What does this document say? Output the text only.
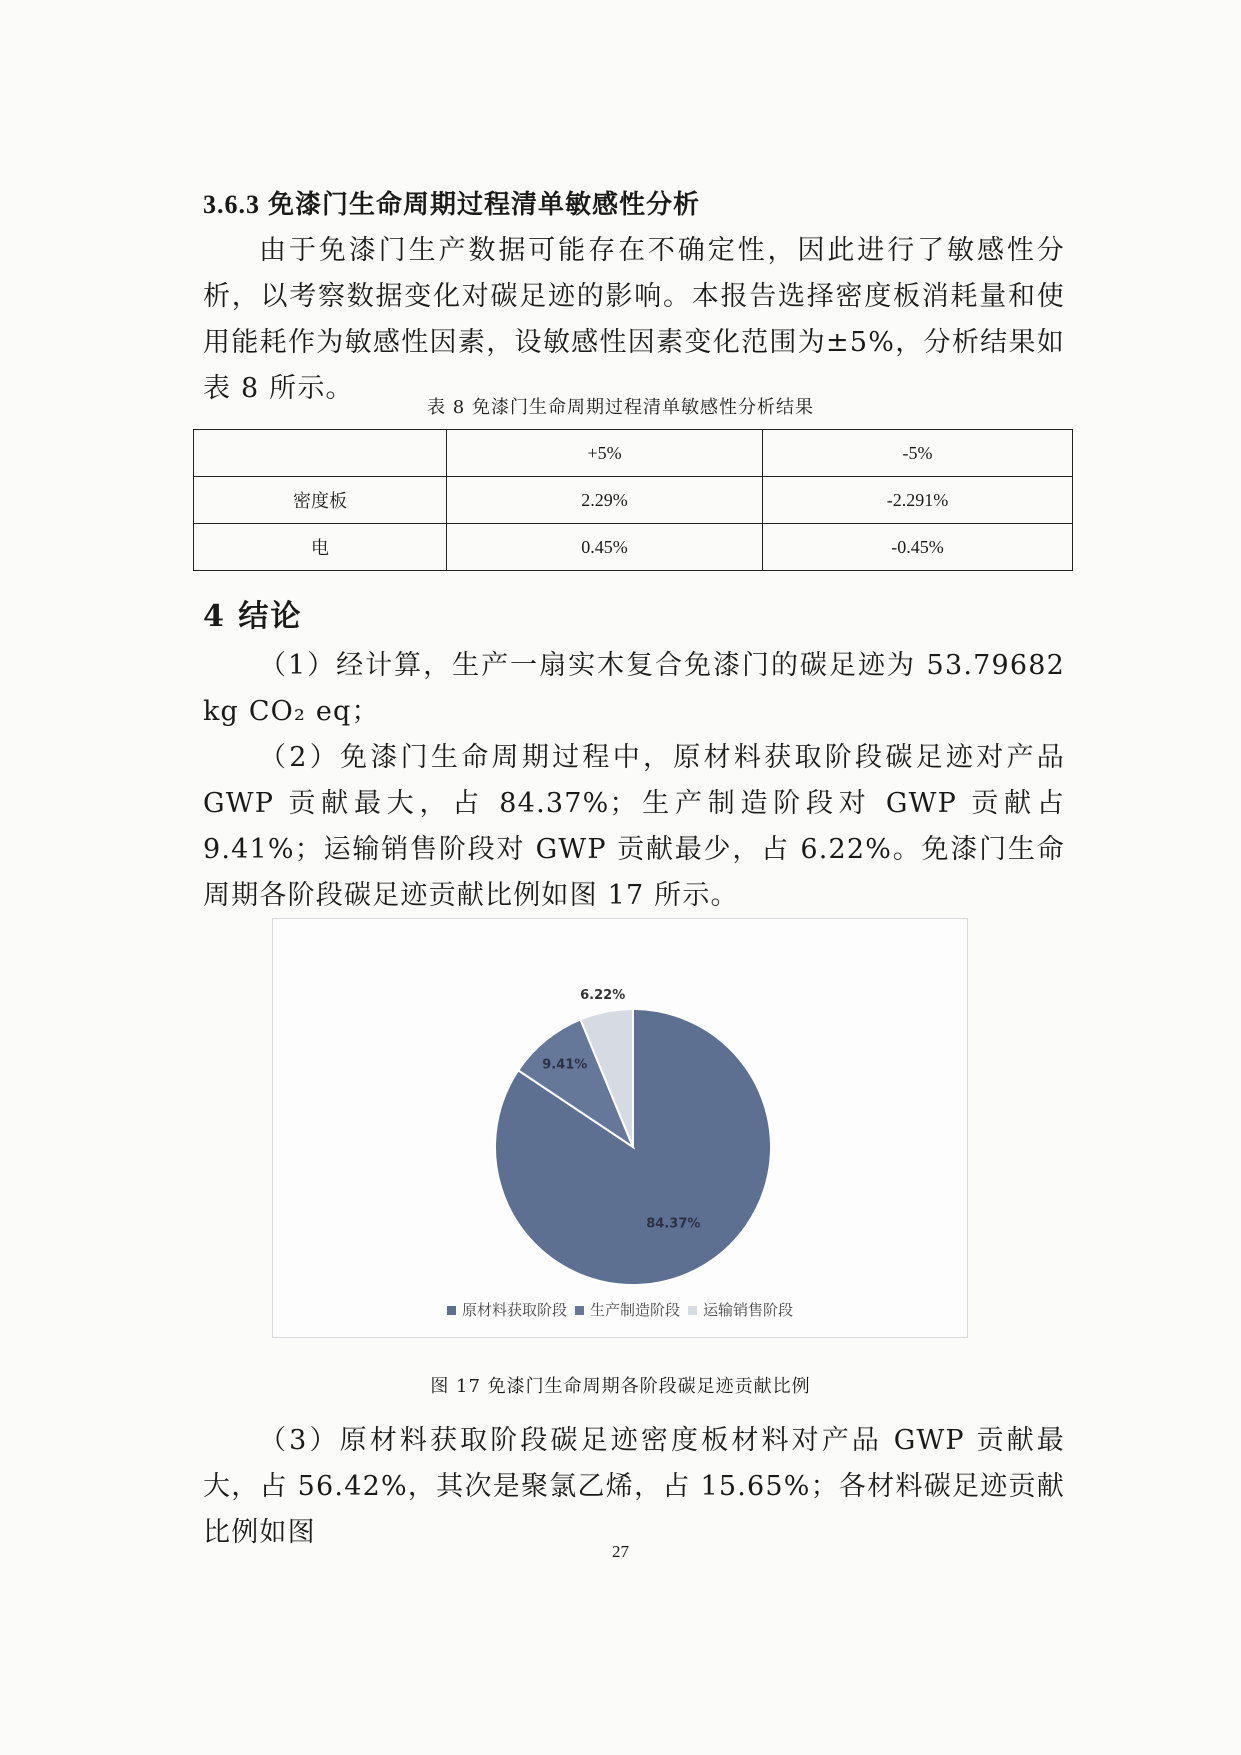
3.6.3 免漆门生命周期过程清单敏感性分析

由于免漆门生产数据可能存在不确定性，因此进行了敏感性分析，以考察数据变化对碳足迹的影响。本报告选择密度板消耗量和使用能耗作为敏感性因素，设敏感性因素变化范围为±5%，分析结果如表 8 所示。

表 8 免漆门生命周期过程清单敏感性分析结果
	+5%	-5%
密度板	2.29%	-2.291%
电	0.45%	-0.45%
4 结论

（1）经计算，生产一扇实木复合免漆门的碳足迹为 53.79682 kg CO₂ eq；

（2）免漆门生命周期过程中，原材料获取阶段碳足迹对产品 GWP 贡献最大，占 84.37%；生产制造阶段对 GWP 贡献占 9.41%；运输销售阶段对 GWP 贡献最少，占 6.22%。免漆门生命周期各阶段碳足迹贡献比例如图 17 所示。

84.37%
9.41%
6.22%
原材料获取阶段 生产制造阶段 运输销售阶段
图 17 免漆门生命周期各阶段碳足迹贡献比例

（3）原材料获取阶段碳足迹密度板材料对产品 GWP 贡献最大，占 56.42%，其次是聚氯乙烯，占 15.65%；各材料碳足迹贡献比例如图

27
